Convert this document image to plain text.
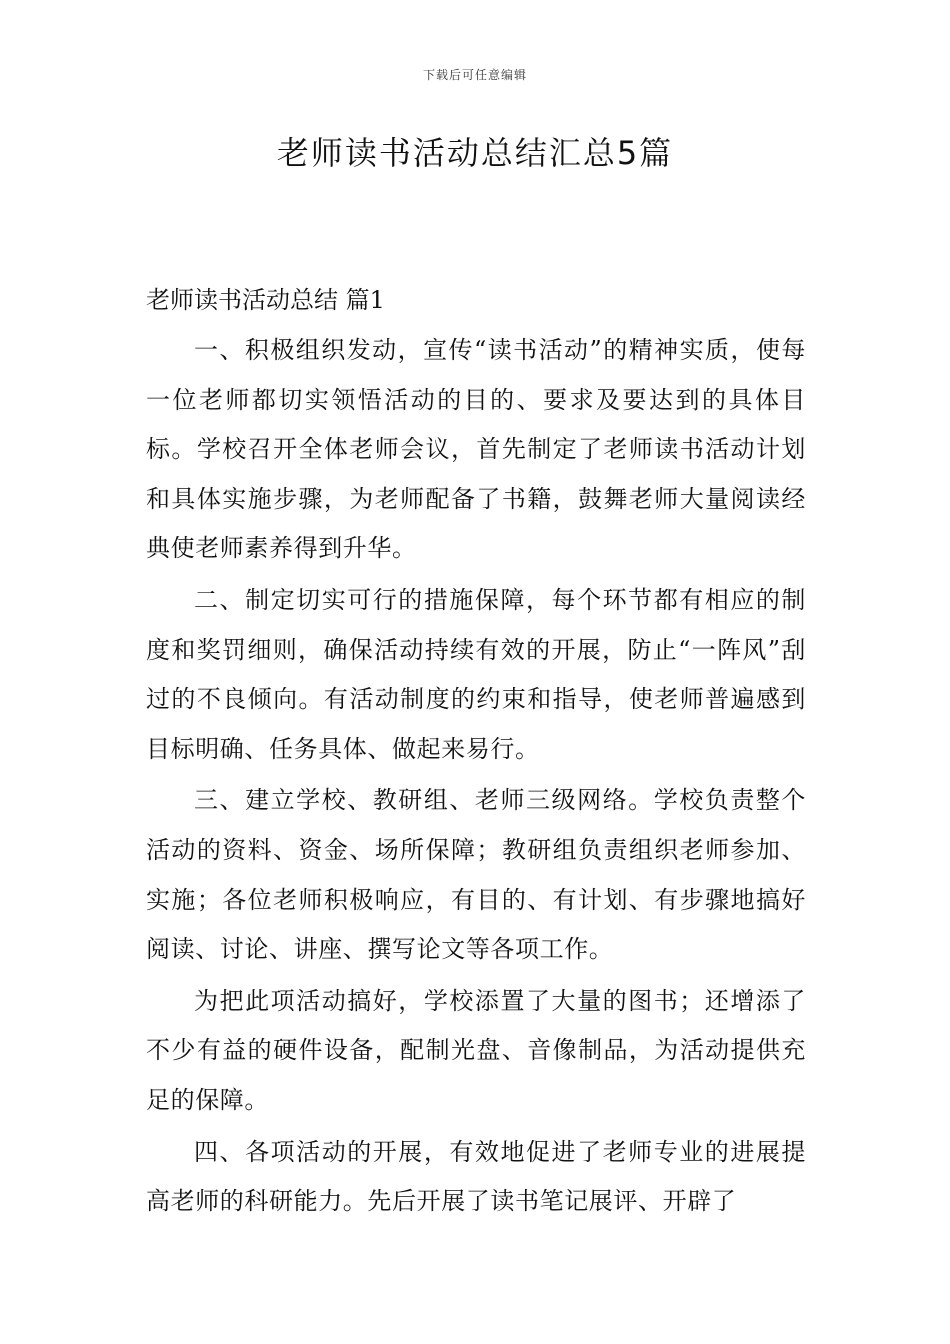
下载后可任意编辑
老师读书活动总结汇总5篇
老师读书活动总结 篇1

一、积极组织发动，宣传“读书活动”的精神实质，使每一位老师都切实领悟活动的目的、要求及要达到的具体目标。学校召开全体老师会议，首先制定了老师读书活动计划和具体实施步骤，为老师配备了书籍，鼓舞老师大量阅读经典使老师素养得到升华。

二、制定切实可行的措施保障，每个环节都有相应的制度和奖罚细则，确保活动持续有效的开展，防止“一阵风”刮过的不良倾向。有活动制度的约束和指导，使老师普遍感到目标明确、任务具体、做起来易行。

三、建立学校、教研组、老师三级网络。学校负责整个活动的资料、资金、场所保障；教研组负责组织老师参加、实施；各位老师积极响应，有目的、有计划、有步骤地搞好阅读、讨论、讲座、撰写论文等各项工作。

为把此项活动搞好，学校添置了大量的图书；还增添了不少有益的硬件设备，配制光盘、音像制品，为活动提供充足的保障。

四、各项活动的开展，有效地促进了老师专业的进展提高老师的科研能力。先后开展了读书笔记展评、开辟了
